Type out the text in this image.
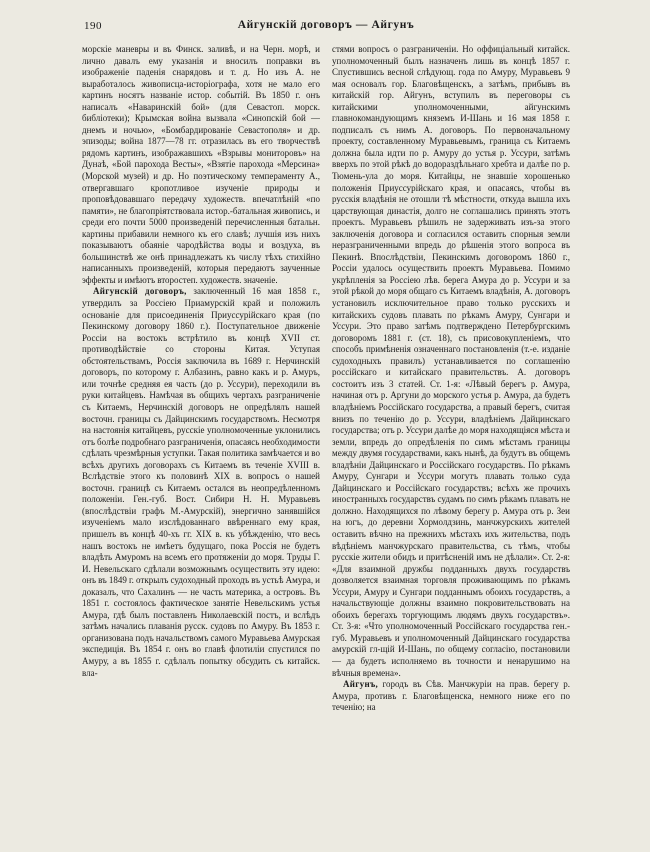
190	Айгунскій договоръ — Айгунъ

морскіе маневры и въ Финск. заливѣ, и на Черн. морѣ, и лично давалъ ему указанія и вносилъ поправки въ изображеніе паденія снарядовъ и т. д. Но изъ А. не выработалось живописца-исторіографа, хотя не мало его картинъ носятъ названіе истор. событій. Въ 1850 г. онъ написалъ «Наваринскій бой» (для Севастоп. морск. библіотеки); Крымская война вызвала «Синопскій бой — днемъ и ночью», «Бомбардированіе Севастополя» и др. эпизоды; война 1877—78 гг. отразилась въ его творчествѣ рядомъ картинъ, изображавшихъ «Взрывы мониторовъ» на Дунаѣ, «Бой парохода Весты», «Взятіе парохода «Мерсина» (Морской музей) и др. Но поэтическому темпераменту А., отвергавшаго кропотливое изученіе природы и проповѣдовавшаго передачу художеств. впечатлѣній «по памяти», не благопріятствовала истор.-батальная живопись, и среди его почти 5000 произведеній перечисленныя батальн. картины прибавили немного къ его славѣ; лучшія изъ нихъ показываютъ обаяніе чародѣйства воды и воздуха, въ большинствѣ же онѣ принадлежатъ къ числу тѣхъ стихійно написанныхъ произведеній, которыя передаютъ заученные эффекты и имѣютъ второстеп. художеств. значеніе.

Айгунскій договоръ, заключенный 16 мая 1858 г., утвердилъ за Россіею Приамурскій край и положилъ основаніе для присоединенія Приуссурійскаго края (по Пекинскому договору 1860 г.). Поступательное движеніе Россіи на востокъ встрѣтило въ концѣ XVII ст. противодѣйствіе со стороны Китая. Уступая обстоятельствамъ, Россія заключила въ 1689 г. Нерчинскій договоръ, по которому г. Албазинъ, равно какъ и р. Амуръ, или точнѣе средняя ея часть (до р. Уссури), переходили въ руки китайцевъ. Намѣчая въ общихъ чертахъ разграниченіе съ Китаемъ, Нерчинскій договоръ не опредѣлялъ нашей восточн. границы съ Дайцинскимъ государствомъ. Несмотря на настоянія китайцевъ, русскіе уполномоченные уклонились отъ болѣе подробнаго разграниченія, опасаясь необходимости сдѣлать чрезмѣрныя уступки. Такая политика замѣчается и во всѣхъ другихъ договорахъ съ Китаемъ въ теченіе XVIII в. Вслѣдствіе этого къ половинѣ XIX в. вопросъ о нашей восточн. границѣ съ Китаемъ остался въ неопредѣленномъ положеніи. Ген.-губ. Вост. Сибири Н. Н. Муравьевъ (впослѣдствіи графъ М.-Амурскій), энергично занявшійся изученіемъ мало изслѣдованнаго ввѣреннаго ему края, пришелъ въ концѣ 40-хъ гг. XIX в. къ убѣжденію, что весь нашъ востокъ не имѣетъ будущаго, пока Россія не будетъ владѣть Амуромъ на всемъ его протяженіи до моря. Труды Г. И. Невельскаго сдѣлали возможнымъ осуществить эту идею: онъ въ 1849 г. открылъ судоходный проходъ въ устьѣ Амура, и доказалъ, что Сахалинъ — не часть материка, а островъ. Въ 1851 г. состоялось фактическое занятіе Невельскимъ устья Амура, гдѣ былъ поставленъ Николаевскій постъ, и вслѣдъ затѣмъ начались плаванія русск. судовъ по Амуру. Въ 1853 г. организована подъ начальствомъ самого Муравьева Амурская экспедиція. Въ 1854 г. онъ во главѣ флотиліи спустился по Амуру, а въ 1855 г. сдѣлалъ попытку обсудить съ китайск. вла-

стями вопросъ о разграниченіи. Но оффиціальный китайск. уполномоченный былъ назначенъ лишь въ концѣ 1857 г. Спустившись весной слѣдующ. года по Амуру, Муравьевъ 9 мая основалъ гор. Благовѣщенскъ, а затѣмъ, прибывъ въ китайскій гор. Айгунъ, вступилъ въ переговоры съ китайскими уполномоченными, айгунскимъ главнокомандующимъ княземъ И-Шань и 16 мая 1858 г. подписалъ съ нимъ А. договоръ. По первоначальному проекту, составленному Муравьевымъ, граница съ Китаемъ должна была идти по р. Амуру до устья р. Уссури, затѣмъ вверхъ по этой рѣкѣ до водораздѣльнаго хребта и далѣе по р. Тюмень-ула до моря. Китайцы, не знавшіе хорошенько положенія Приуссурійскаго края, и опасаясь, чтобы въ русскія владѣнія не отошли тѣ мѣстности, откуда вышла ихъ царствующая династія, долго не соглашались принять этотъ проектъ. Муравьевъ рѣшилъ не задерживать изъ-за этого заключенія договора и согласился оставить спорныя земли неразграниченными впредь до рѣшенія этого вопроса въ Пекинѣ. Впослѣдствіи, Пекинскимъ договоромъ 1860 г., Россіи удалось осуществить проектъ Муравьева. Помимо укрѣпленія за Россіею лѣв. берега Амура до р. Уссури и за этой рѣкой до моря общаго съ Китаемъ владѣнія, А. договоръ установилъ исключительное право только русскихъ и китайскихъ судовъ плавать по рѣкамъ Амуру, Сунгари и Уссури. Это право затѣмъ подтверждено Петербургскимъ договоромъ 1881 г. (ст. 18), съ присовокупленіемъ, что способъ примѣненія означеннаго постановленія (т.-е. изданіе судоходныхъ правилъ) устанавливается по соглашенію россійскаго и китайскаго правительствъ. А. договоръ состоитъ изъ 3 статей. Ст. 1-я: «Лѣвый берегъ р. Амура, начиная отъ р. Аргуни до морского устья р. Амура, да будетъ владѣніемъ Россійскаго государства, а правый берегъ, считая внизъ по теченію до р. Уссури, владѣніемъ Дайцинскаго государства; отъ р. Уссури далѣе до моря находящіяся мѣста и земли, впредь до опредѣленія по симъ мѣстамъ границы между двумя государствами, какъ нынѣ, да будутъ въ общемъ владѣніи Дайцинскаго и Россійскаго государствъ. По рѣкамъ Амуру, Сунгари и Уссури могутъ плавать только суда Дайцинскаго и Россійскаго государствъ; всѣхъ же прочихъ иностранныхъ государствъ судамъ по симъ рѣкамъ плавать не должно. Находящихся по лѣвому берегу р. Амура отъ р. Зеи на югъ, до деревни Хормолдзинь, манчжурскихъ жителей оставить вѣчно на прежнихъ мѣстахъ ихъ жительства, подъ вѣдѣніемъ манчжурскаго правительства, съ тѣмъ, чтобы русскіе жители обидъ и притѣсненій имъ не дѣлали». Ст. 2-я: «Для взаимной дружбы подданныхъ двухъ государствъ дозволяется взаимная торговля проживающимъ по рѣкамъ Уссури, Амуру и Сунгари подданнымъ обоихъ государствъ, а начальствующіе должны взаимно покровительствовать на обоихъ берегахъ торгующимъ людямъ двухъ государствъ». Ст. 3-я: «Что уполномоченный Россійскаго государства ген.-губ. Муравьевъ и уполномоченный Дайцинскаго государства амурскій гл-щій И-Шань, по общему согласію, постановили — да будетъ исполняемо въ точности и ненарушимо на вѣчныя времена».

Айгунъ, городъ въ Сѣв. Манчжуріи на прав. берегу р. Амура, противъ г. Благовѣщенска, немного ниже его по теченію; на
